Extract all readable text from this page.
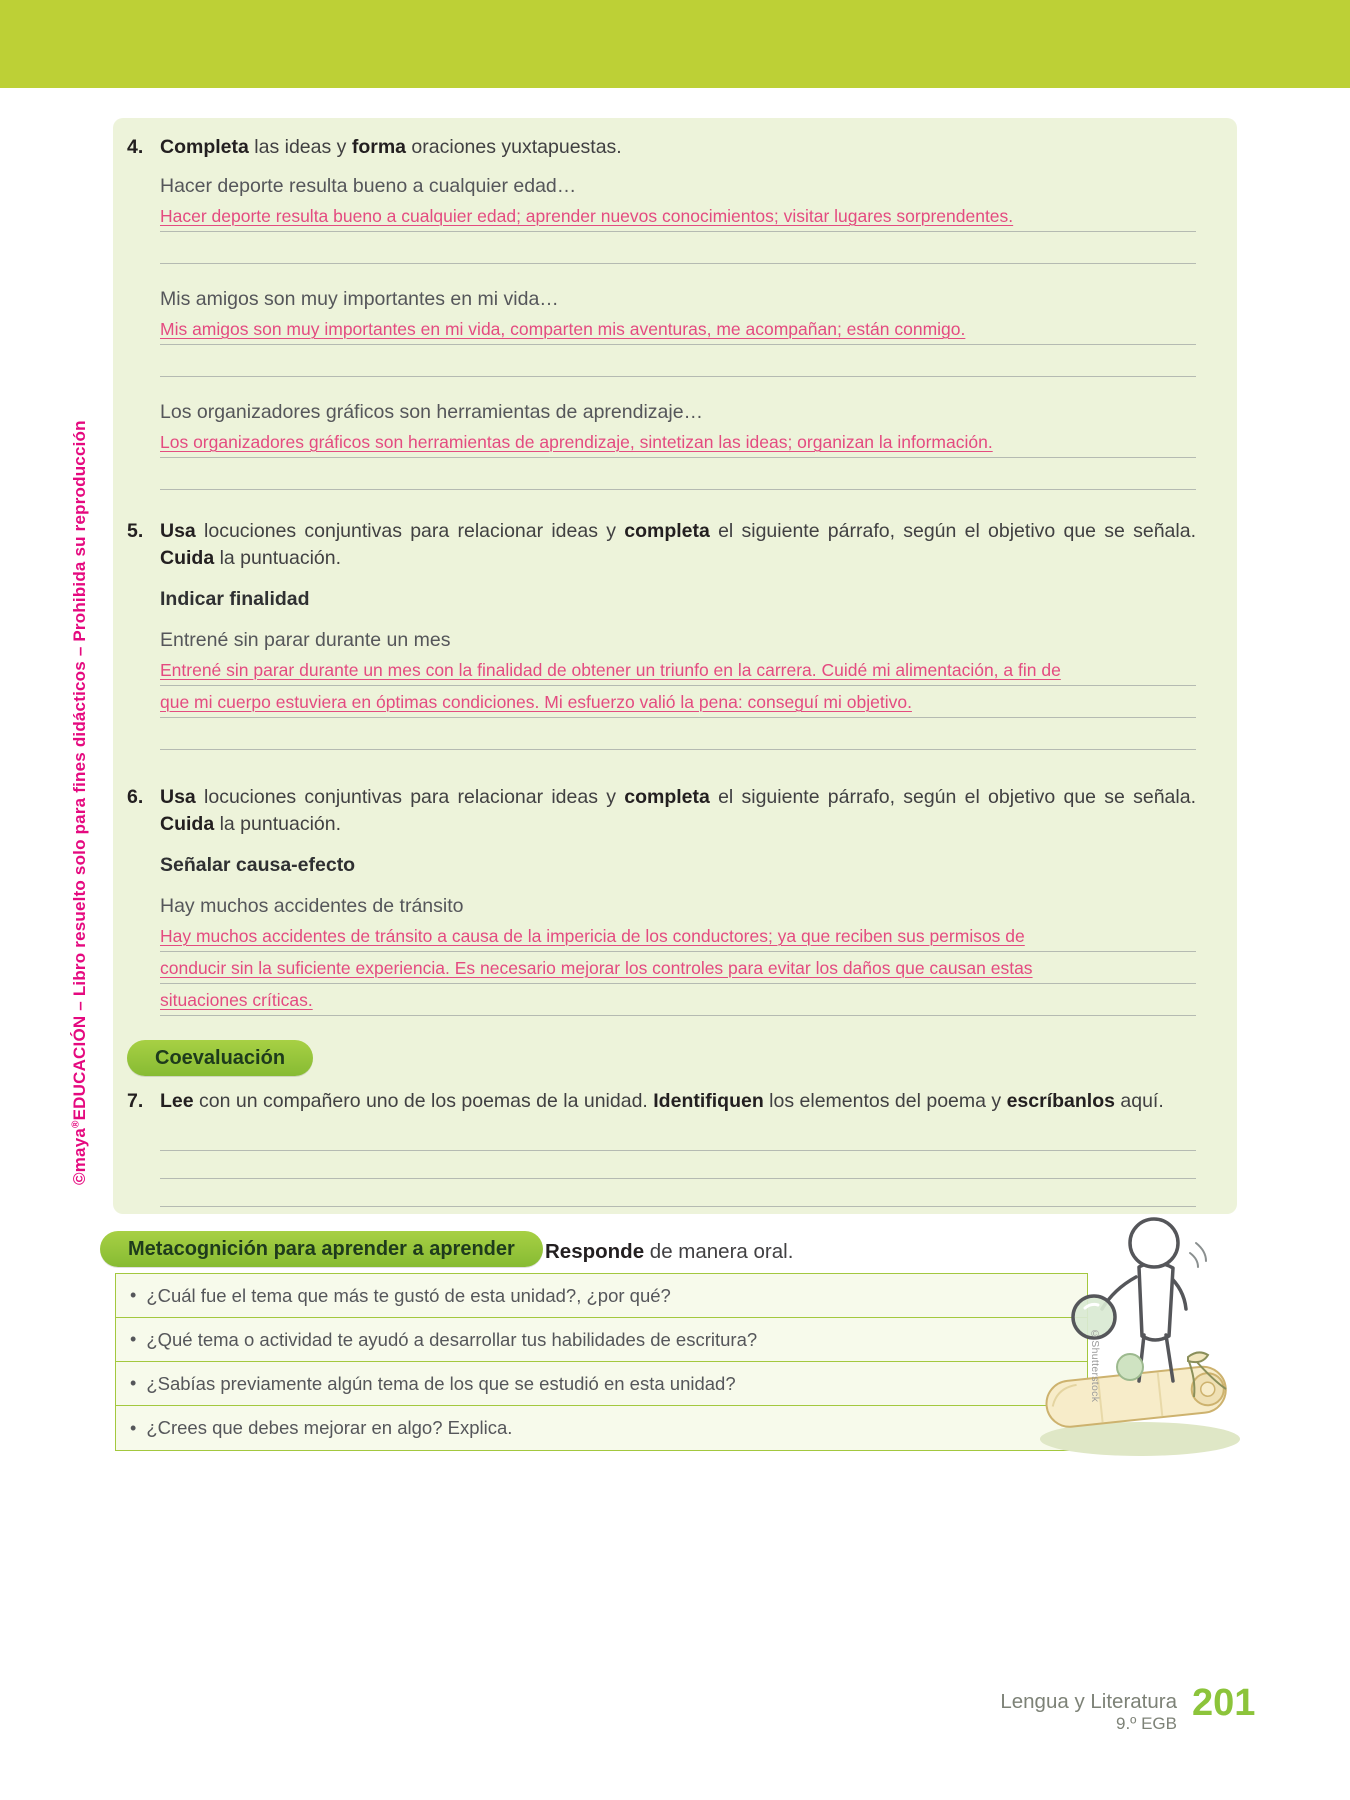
©maya®EDUCACIÓN – Libro resuelto solo para fines didácticos – Prohibida su reproducción
4. Completa las ideas y forma oraciones yuxtapuestas.

Hacer deporte resulta bueno a cualquier edad…

Hacer deporte resulta bueno a cualquier edad; aprender nuevos conocimientos; visitar lugares sorprendentes.

Mis amigos son muy importantes en mi vida…

Mis amigos son muy importantes en mi vida, comparten mis aventuras, me acompañan; están conmigo.

Los organizadores gráficos son herramientas de aprendizaje…

Los organizadores gráficos son herramientas de aprendizaje, sintetizan las ideas; organizan la información.
5. Usa locuciones conjuntivas para relacionar ideas y completa el siguiente párrafo, según el objetivo que se señala. Cuida la puntuación.

Indicar finalidad

Entrené sin parar durante un mes

Entrené sin parar durante un mes con la finalidad de obtener un triunfo en la carrera. Cuidé mi alimentación, a fin de
que mi cuerpo estuviera en óptimas condiciones. Mi esfuerzo valió la pena: conseguí mi objetivo.
6. Usa locuciones conjuntivas para relacionar ideas y completa el siguiente párrafo, según el objetivo que se señala. Cuida la puntuación.

Señalar causa-efecto

Hay muchos accidentes de tránsito

Hay muchos accidentes de tránsito a causa de la impericia de los conductores; ya que reciben sus permisos de
conducir sin la suficiente experiencia. Es necesario mejorar los controles para evitar los daños que causan estas
situaciones críticas.
Coevaluación
7. Lee con un compañero uno de los poemas de la unidad. Identifiquen los elementos del poema y escríbanlos aquí.

Metacognición para aprender a aprender	Responde de manera oral.
• ¿Cuál fue el tema que más te gustó de esta unidad?, ¿por qué?
• ¿Qué tema o actividad te ayudó a desarrollar tus habilidades de escritura?
• ¿Sabías previamente algún tema de los que se estudió en esta unidad?
• ¿Crees que debes mejorar en algo? Explica.
©Shutterstock
Lengua y Literatura
9.º EGB 201
